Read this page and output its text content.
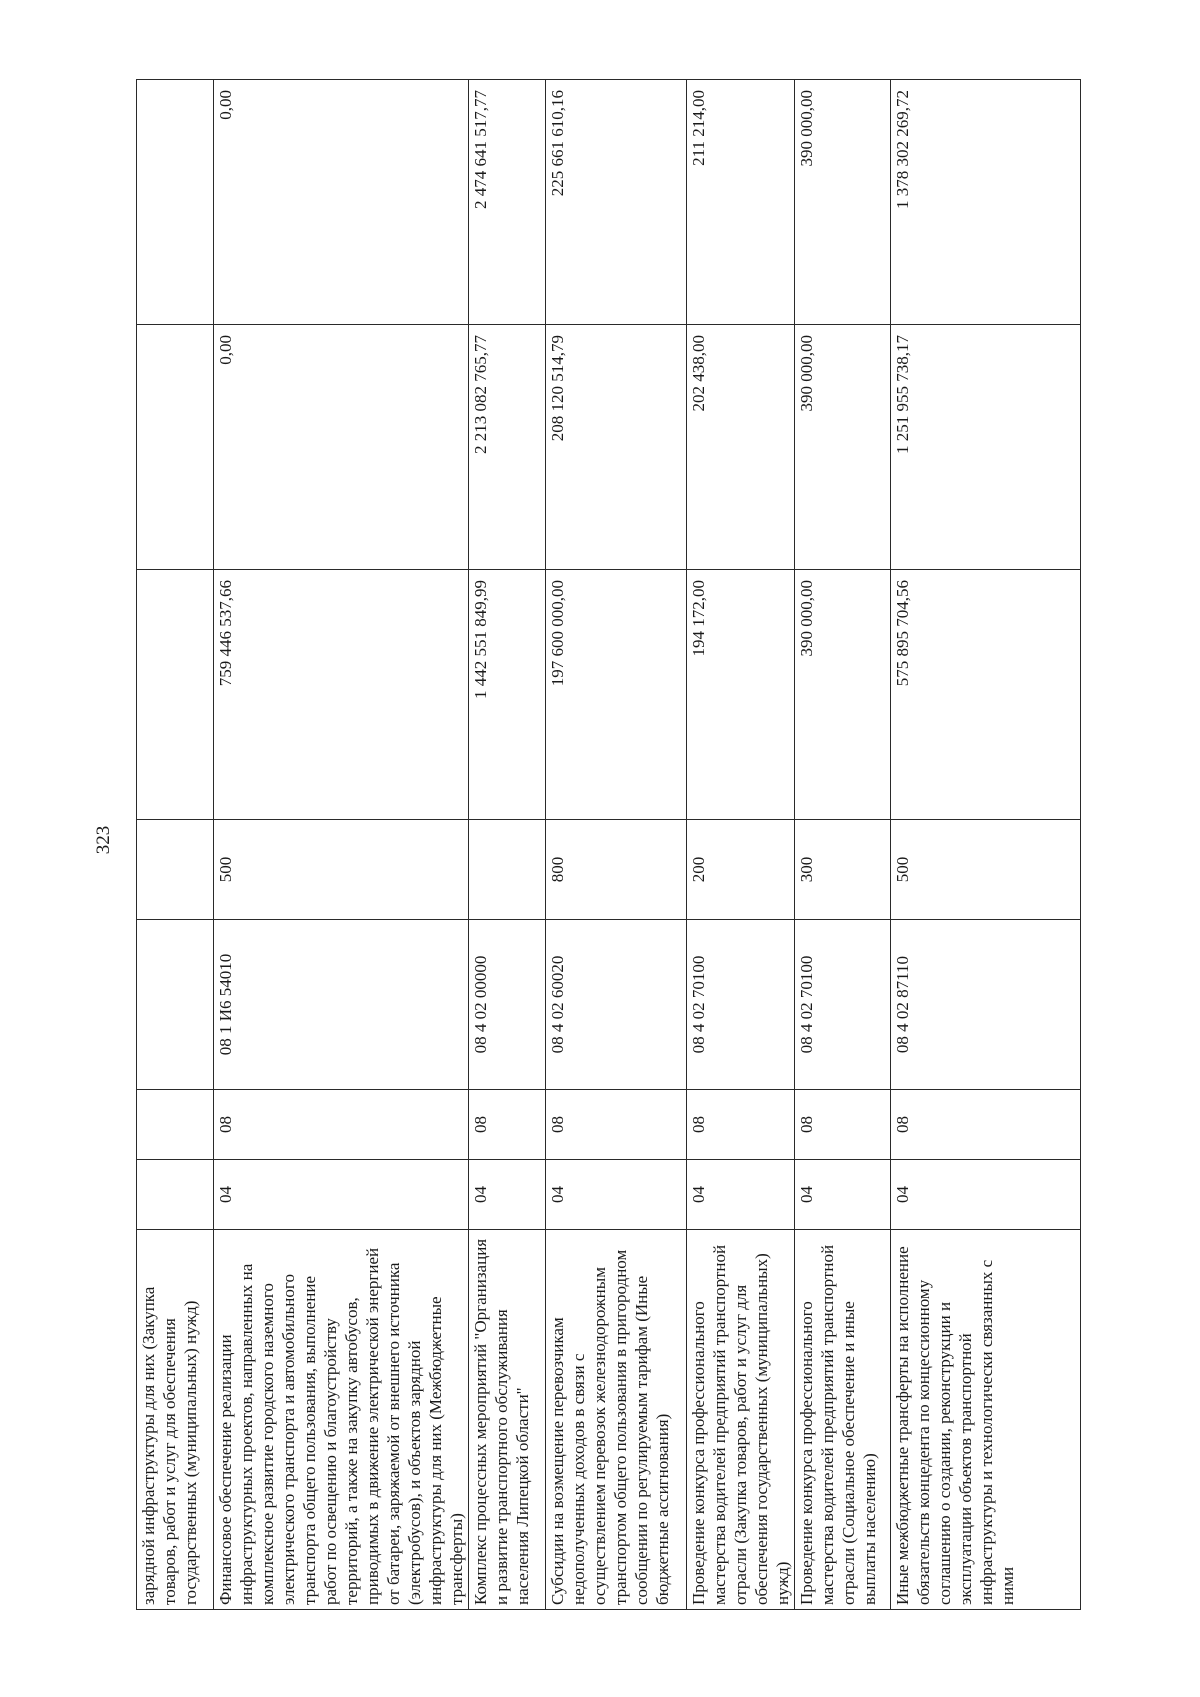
323
зарядной инфраструктуры для них (Закупка товаров, работ и услуг для обеспечения государственных (муниципальных) нужд)							
Финансовое обеспечение реализации инфраструктурных проектов, направленных на комплексное развитие городского наземного электрического транспорта и автомобильного транспорта общего пользования, выполнение работ по освещению и благоустройству территорий, а также на закупку автобусов, приводимых в движение электрической энергией от батареи, заряжаемой от внешнего источника (электробусов), и объектов зарядной инфраструктуры для них (Межбюджетные трансферты)	04	08	08 1 И6 54010	500	759 446 537,66	0,00	0,00
Комплекс процессных мероприятий "Организация и развитие транспортного обслуживания населения Липецкой области"	04	08	08 4 02 00000		1 442 551 849,99	2 213 082 765,77	2 474 641 517,77
Субсидии на возмещение перевозчикам недополученных доходов в связи с осуществлением перевозок железнодорожным транспортом общего пользования в пригородном сообщении по регулируемым тарифам (Иные бюджетные ассигнования)	04	08	08 4 02 60020	800	197 600 000,00	208 120 514,79	225 661 610,16
Проведение конкурса профессионального мастерства водителей предприятий транспортной отрасли (Закупка товаров, работ и услуг для обеспечения государственных (муниципальных) нужд)	04	08	08 4 02 70100	200	194 172,00	202 438,00	211 214,00
Проведение конкурса профессионального мастерства водителей предприятий транспортной отрасли (Социальное обеспечение и иные выплаты населению)	04	08	08 4 02 70100	300	390 000,00	390 000,00	390 000,00
Иные межбюджетные трансферты на исполнение обязательств концедента по концессионному соглашению о создании, реконструкции и эксплуатации объектов транспортной инфраструктуры и технологически связанных с ними	04	08	08 4 02 87110	500	575 895 704,56	1 251 955 738,17	1 378 302 269,72
